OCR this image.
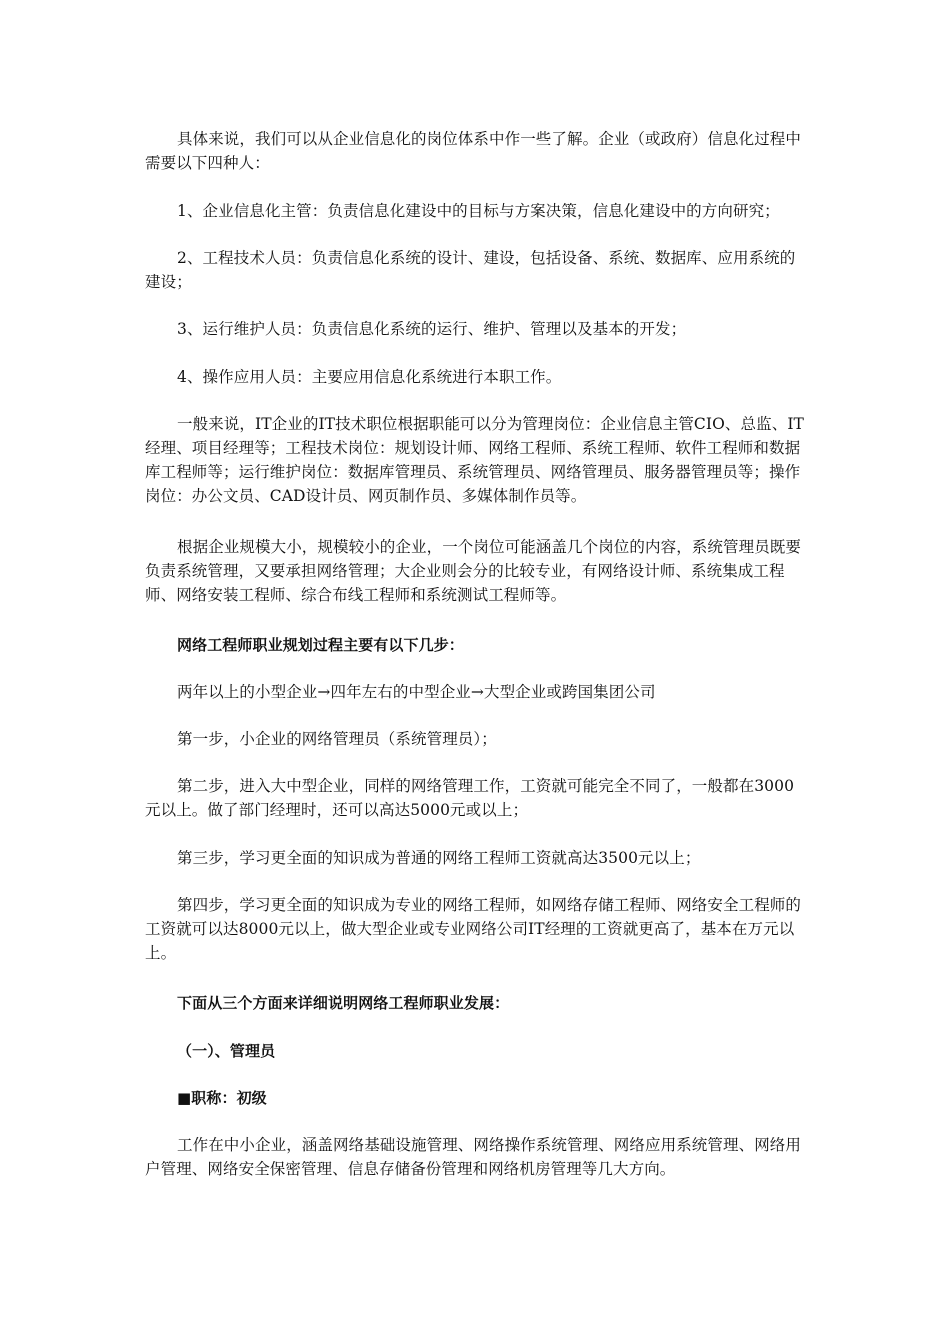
具体来说，我们可以从企业信息化的岗位体系中作一些了解。企业（或政府）信息化过程中需要以下四种人：

1、企业信息化主管：负责信息化建设中的目标与方案决策，信息化建设中的方向研究；

2、工程技术人员：负责信息化系统的设计、建设，包括设备、系统、数据库、应用系统的建设；

3、运行维护人员：负责信息化系统的运行、维护、管理以及基本的开发；

4、操作应用人员：主要应用信息化系统进行本职工作。

一般来说，IT企业的IT技术职位根据职能可以分为管理岗位：企业信息主管CIO、总监、IT经理、项目经理等；工程技术岗位：规划设计师、网络工程师、系统工程师、软件工程师和数据库工程师等；运行维护岗位：数据库管理员、系统管理员、网络管理员、服务器管理员等；操作岗位：办公文员、CAD设计员、网页制作员、多媒体制作员等。

根据企业规模大小，规模较小的企业，一个岗位可能涵盖几个岗位的内容，系统管理员既要负责系统管理，又要承担网络管理；大企业则会分的比较专业，有网络设计师、系统集成工程师、网络安装工程师、综合布线工程师和系统测试工程师等。

网络工程师职业规划过程主要有以下几步：

两年以上的小型企业→四年左右的中型企业→大型企业或跨国集团公司

第一步，小企业的网络管理员（系统管理员）；

第二步，进入大中型企业，同样的网络管理工作，工资就可能完全不同了，一般都在3000元以上。做了部门经理时，还可以高达5000元或以上；

第三步，学习更全面的知识成为普通的网络工程师工资就高达3500元以上；

第四步，学习更全面的知识成为专业的网络工程师，如网络存储工程师、网络安全工程师的工资就可以达8000元以上，做大型企业或专业网络公司IT经理的工资就更高了，基本在万元以上。

下面从三个方面来详细说明网络工程师职业发展：

（一）、管理员

■职称：初级

工作在中小企业，涵盖网络基础设施管理、网络操作系统管理、网络应用系统管理、网络用户管理、网络安全保密管理、信息存储备份管理和网络机房管理等几大方向。
